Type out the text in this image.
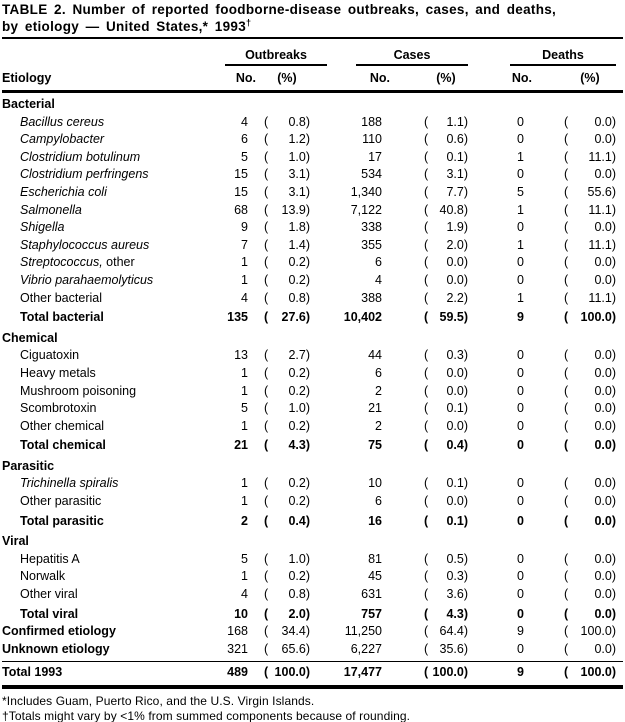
TABLE 2. Number of reported foodborne-disease outbreaks, cases, and deaths,
by etiology — United States,* 1993†
Outbreaks	Cases	Deaths
Etiology	No.	(%)	No.	(%)	No.	(%)
Bacterial
Bacillus cereus	4 ( 0.8)	188	( 1.1)	0	( 0.0)
Campylobacter	6 ( 1.2)	110	( 0.6)	0	( 0.0)
Clostridium botulinum	5 ( 1.0)	17	( 0.1)	1	( 11.1)
Clostridium perfringens	15 ( 3.1)	534	( 3.1)	0	( 0.0)
Escherichia coli	15 ( 3.1)	1,340	( 7.7)	5	( 55.6)
Salmonella	68 ( 13.9)	7,122	( 40.8)	1	( 11.1)
Shigella	9 ( 1.8)	338	( 1.9)	0	( 0.0)
Staphylococcus aureus	7 ( 1.4)	355	( 2.0)	1	( 11.1)
Streptococcus, other	1 ( 0.2)	6	( 0.0)	0	( 0.0)
Vibrio parahaemolyticus	1 ( 0.2)	4	( 0.0)	0	( 0.0)
Other bacterial	4 ( 0.8)	388	( 2.2)	1	( 11.1)
Total bacterial	135 ( 27.6)	10,402	( 59.5)	9	( 100.0)
Chemical
Ciguatoxin	13 ( 2.7)	44	( 0.3)	0	( 0.0)
Heavy metals	1 ( 0.2)	6	( 0.0)	0	( 0.0)
Mushroom poisoning	1 ( 0.2)	2	( 0.0)	0	( 0.0)
Scombrotoxin	5 ( 1.0)	21	( 0.1)	0	( 0.0)
Other chemical	1 ( 0.2)	2	( 0.0)	0	( 0.0)
Total chemical	21 ( 4.3)	75	( 0.4)	0	( 0.0)
Parasitic
Trichinella spiralis	1 ( 0.2)	10	( 0.1)	0	( 0.0)
Other parasitic	1 ( 0.2)	6	( 0.0)	0	( 0.0)
Total parasitic	2 ( 0.4)	16	( 0.1)	0	( 0.0)
Viral
Hepatitis A	5 ( 1.0)	81	( 0.5)	0	( 0.0)
Norwalk	1 ( 0.2)	45	( 0.3)	0	( 0.0)
Other viral	4 ( 0.8)	631	( 3.6)	0	( 0.0)
Total viral	10 ( 2.0)	757	( 4.3)	0	( 0.0)
Confirmed etiology	168 ( 34.4)	11,250	( 64.4)	9	( 100.0)
Unknown etiology	321 ( 65.6)	6,227	( 35.6)	0	( 0.0)
Total 1993	489 ( 100.0)	17,477	( 100.0)	9	( 100.0)
*Includes Guam, Puerto Rico, and the U.S. Virgin Islands.
†Totals might vary by <1% from summed components because of rounding.
